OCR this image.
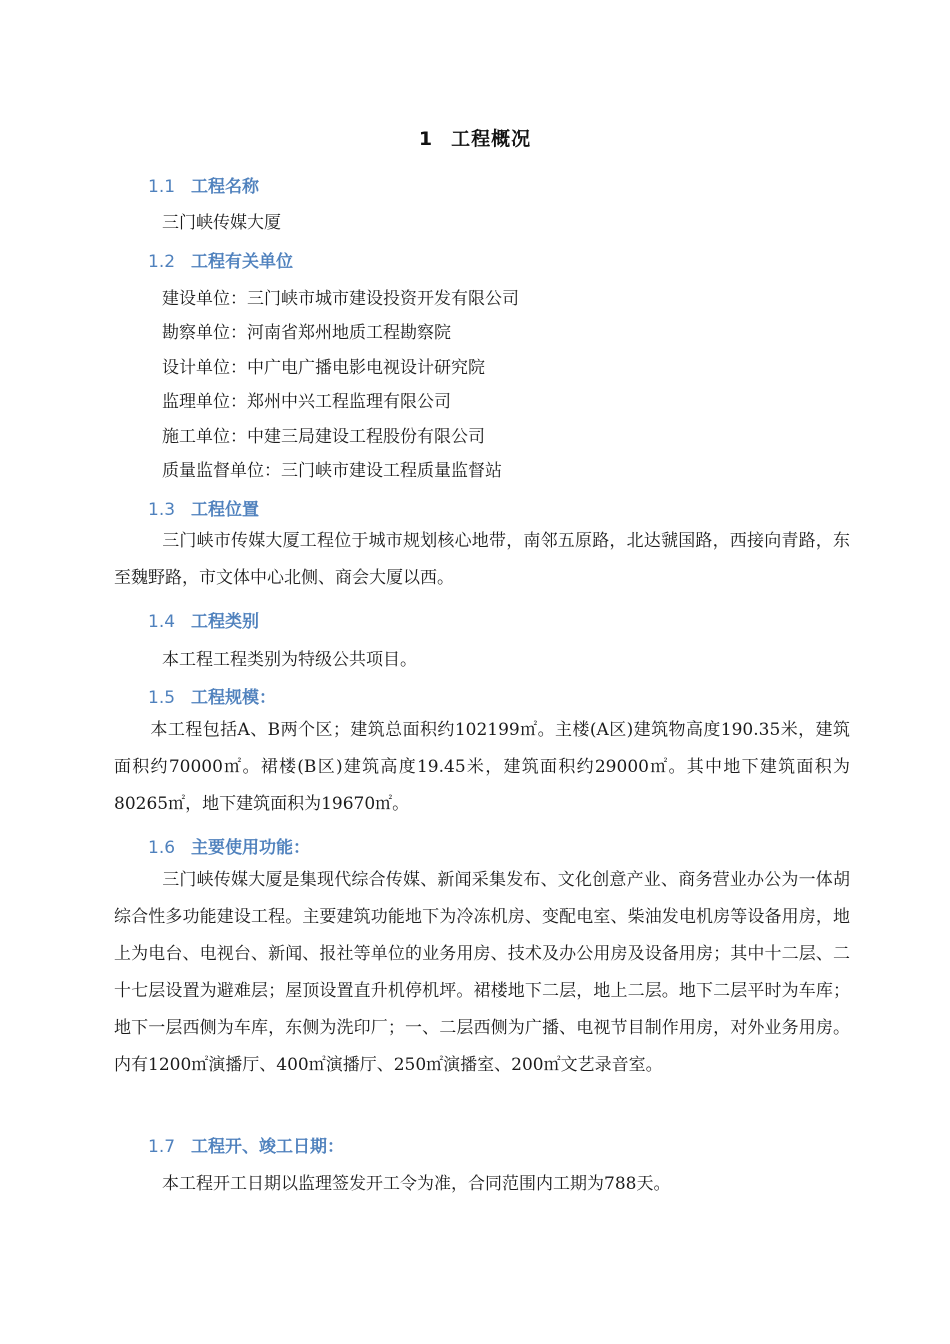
1 工程概况
1.1 工程名称
三门峡传媒大厦
1.2 工程有关单位
建设单位：三门峡市城市建设投资开发有限公司
勘察单位：河南省郑州地质工程勘察院
设计单位：中广电广播电影电视设计研究院
监理单位：郑州中兴工程监理有限公司
施工单位：中建三局建设工程股份有限公司
质量监督单位：三门峡市建设工程质量监督站
1.3 工程位置
三门峡市传媒大厦工程位于城市规划核心地带，南邻五原路，北达虢国路，西接向青路，东至魏野路，市文体中心北侧、商会大厦以西。
1.4 工程类别
本工程工程类别为特级公共项目。
1.5 工程规模：
本工程包括A、B两个区；建筑总面积约102199㎡。主楼(A区)建筑物高度190.35米，建筑面积约70000㎡。裙楼(B区)建筑高度19.45米，建筑面积约29000㎡。其中地下建筑面积为80265㎡，地下建筑面积为19670㎡。
1.6 主要使用功能：
三门峡传媒大厦是集现代综合传媒、新闻采集发布、文化创意产业、商务营业办公为一体胡综合性多功能建设工程。主要建筑功能地下为冷冻机房、变配电室、柴油发电机房等设备用房，地上为电台、电视台、新闻、报社等单位的业务用房、技术及办公用房及设备用房；其中十二层、二十七层设置为避难层；屋顶设置直升机停机坪。裙楼地下二层，地上二层。地下二层平时为车库；地下一层西侧为车库，东侧为洗印厂；一、二层西侧为广播、电视节目制作用房，对外业务用房。内有1200㎡演播厅、400㎡演播厅、250㎡演播室、200㎡文艺录音室。
1.7 工程开、竣工日期：
本工程开工日期以监理签发开工令为准，合同范围内工期为788天。
